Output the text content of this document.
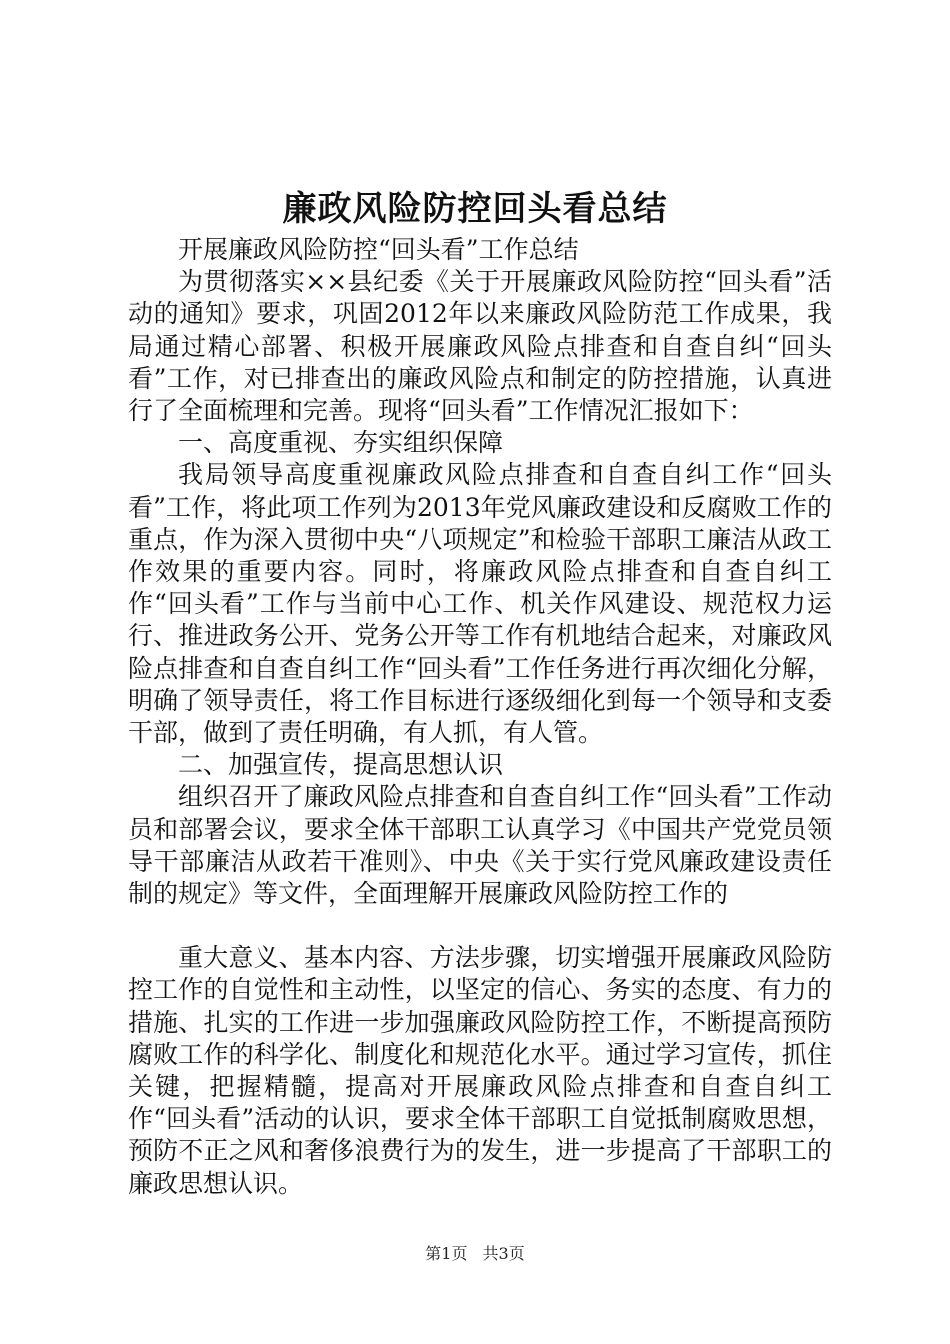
廉政风险防控回头看总结

开展廉政风险防控“回头看”工作总结

为贯彻落实××县纪委《关于开展廉政风险防控“回头看”活动的通知》要求，巩固2012年以来廉政风险防范工作成果，我局通过精心部署、积极开展廉政风险点排查和自查自纠“回头看”工作，对已排查出的廉政风险点和制定的防控措施，认真进行了全面梳理和完善。现将“回头看”工作情况汇报如下：

一、高度重视、夯实组织保障

我局领导高度重视廉政风险点排查和自查自纠工作“回头看”工作，将此项工作列为2013年党风廉政建设和反腐败工作的重点，作为深入贯彻中央“八项规定”和检验干部职工廉洁从政工作效果的重要内容。同时，将廉政风险点排查和自查自纠工作“回头看”工作与当前中心工作、机关作风建设、规范权力运行、推进政务公开、党务公开等工作有机地结合起来，对廉政风险点排查和自查自纠工作“回头看”工作任务进行再次细化分解，明确了领导责任，将工作目标进行逐级细化到每一个领导和支委干部，做到了责任明确，有人抓，有人管。

二、加强宣传，提高思想认识

组织召开了廉政风险点排查和自查自纠工作“回头看”工作动员和部署会议，要求全体干部职工认真学习《中国共产党党员领导干部廉洁从政若干准则》、中央《关于实行党风廉政建设责任制的规定》等文件，全面理解开展廉政风险防控工作的

重大意义、基本内容、方法步骤，切实增强开展廉政风险防控工作的自觉性和主动性，以坚定的信心、务实的态度、有力的措施、扎实的工作进一步加强廉政风险防控工作，不断提高预防腐败工作的科学化、制度化和规范化水平。通过学习宣传，抓住关键，把握精髓，提高对开展廉政风险点排查和自查自纠工作“回头看”活动的认识，要求全体干部职工自觉抵制腐败思想，预防不正之风和奢侈浪费行为的发生，进一步提高了干部职工的廉政思想认识。

第1页 共3页
